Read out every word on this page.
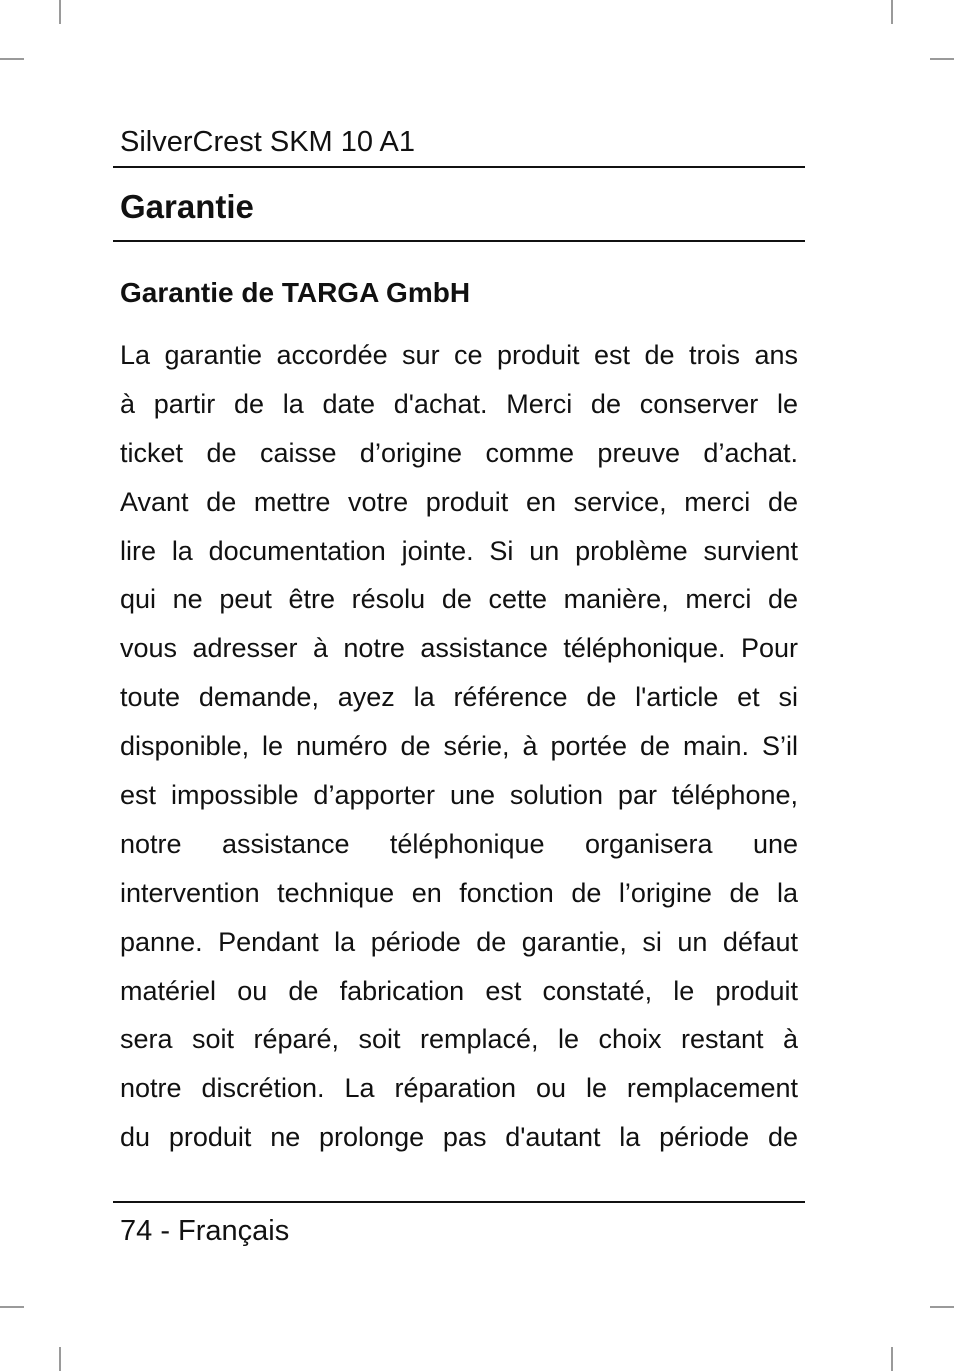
SilverCrest SKM 10 A1
Garantie
Garantie de TARGA GmbH
La garantie accordée sur ce produit est de trois ans
à partir de la date d'achat. Merci de conserver le
ticket de caisse d’origine comme preuve d’achat.
Avant de mettre votre produit en service, merci de
lire la documentation jointe. Si un problème survient
qui ne peut être résolu de cette manière, merci de
vous adresser à notre assistance téléphonique. Pour
toute demande, ayez la référence de l'article et si
disponible, le numéro de série, à portée de main. S’il
est impossible d’apporter une solution par téléphone,
notre assistance téléphonique organisera une
intervention technique en fonction de l’origine de la
panne. Pendant la période de garantie, si un défaut
matériel ou de fabrication est constaté, le produit
sera soit réparé, soit remplacé, le choix restant à
notre discrétion. La réparation ou le remplacement
du produit ne prolonge pas d'autant la période de
74 - Français
